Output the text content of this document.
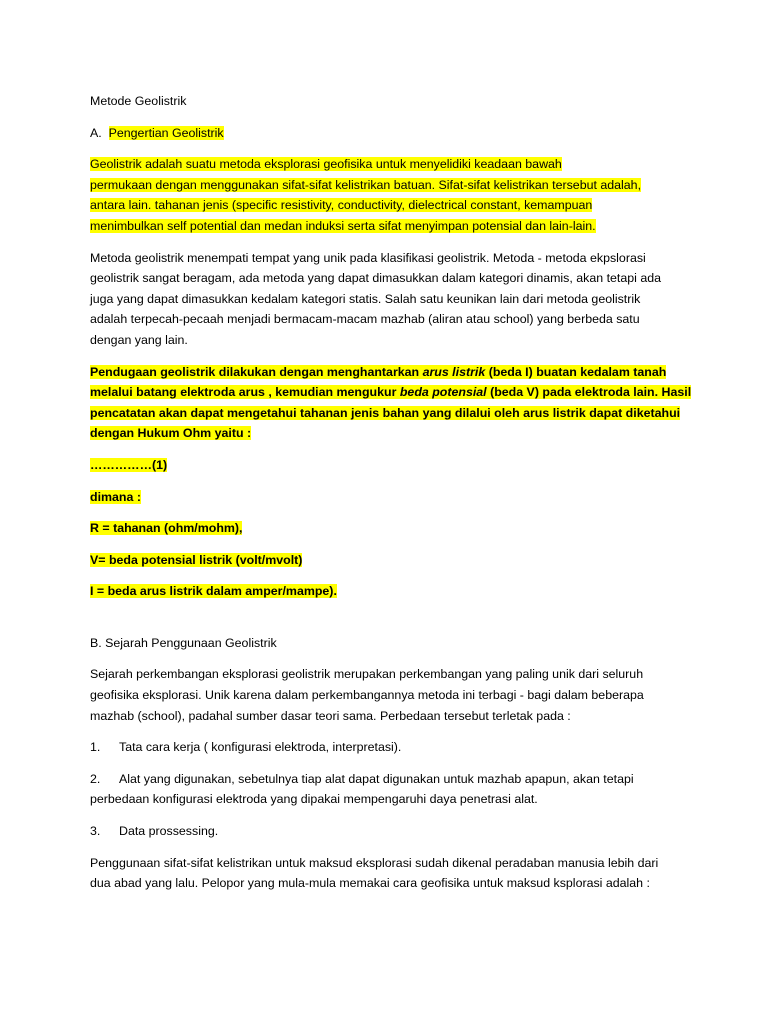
Metode Geolistrik
A. Pengertian Geolistrik
Geolistrik adalah suatu metoda eksplorasi geofisika untuk menyelidiki keadaan bawah
permukaan dengan menggunakan sifat-sifat kelistrikan batuan. Sifat-sifat kelistrikan tersebut adalah,
antara lain. tahanan jenis (specific resistivity, conductivity, dielectrical constant, kemampuan
menimbulkan self potential dan medan induksi serta sifat menyimpan potensial dan lain-lain.
Metoda geolistrik menempati tempat yang unik pada klasifikasi geolistrik. Metoda - metoda ekpslorasi
geolistrik sangat beragam, ada metoda yang dapat dimasukkan dalam kategori dinamis, akan tetapi ada
juga yang dapat dimasukkan kedalam kategori statis. Salah satu keunikan lain dari metoda geolistrik
adalah terpecah-pecaah menjadi bermacam-macam mazhab (aliran atau school) yang berbeda satu
dengan yang lain.
Pendugaan geolistrik dilakukan dengan menghantarkan arus listrik (beda I) buatan kedalam tanah
melalui batang elektroda arus , kemudian mengukur beda potensial (beda V) pada elektroda lain. Hasil
pencatatan akan dapat mengetahui tahanan jenis bahan yang dilalui oleh arus listrik dapat diketahui
dengan Hukum Ohm yaitu :
……………(1)
dimana :
R = tahanan (ohm/mohm),
V= beda potensial listrik (volt/mvolt)
I = beda arus listrik dalam amper/mampe).
B. Sejarah Penggunaan Geolistrik
Sejarah perkembangan eksplorasi geolistrik merupakan perkembangan yang paling unik dari seluruh
geofisika eksplorasi. Unik karena dalam perkembangannya metoda ini terbagi - bagi dalam beberapa
mazhab (school), padahal sumber dasar teori sama. Perbedaan tersebut terletak pada :
1. Tata cara kerja ( konfigurasi elektroda, interpretasi).
2. Alat yang digunakan, sebetulnya tiap alat dapat digunakan untuk mazhab apapun, akan tetapi
perbedaan konfigurasi elektroda yang dipakai mempengaruhi daya penetrasi alat.
3. Data prossessing.
Penggunaan sifat-sifat kelistrikan untuk maksud eksplorasi sudah dikenal peradaban manusia lebih dari
dua abad yang lalu. Pelopor yang mula-mula memakai cara geofisika untuk maksud ksplorasi adalah :
